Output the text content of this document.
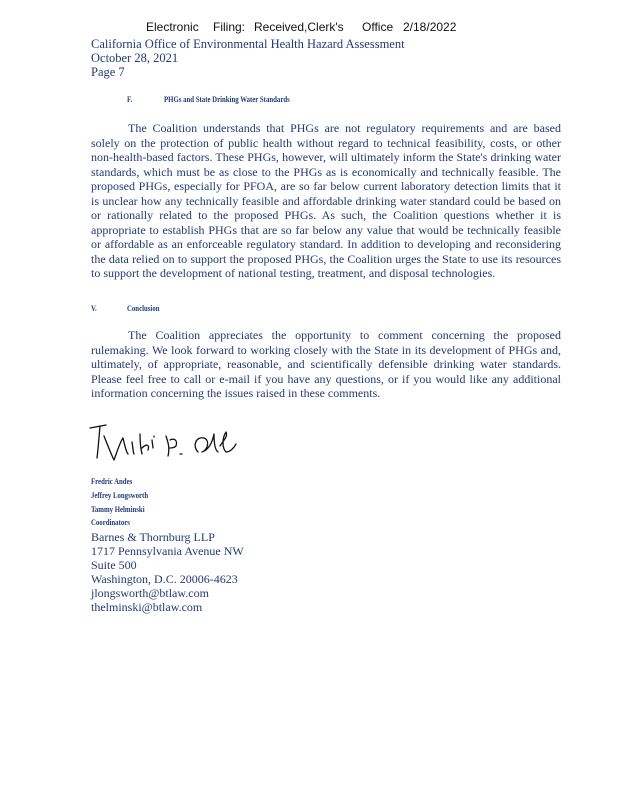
Electronic Filing: Received,Clerk's Office 2/18/2022
California Office of Environmental Health Hazard Assessment
October 28, 2021
Page 7
F.	PHGs and State Drinking Water Standards

The Coalition understands that PHGs are not regulatory requirements and are based solely on the protection of public health without regard to technical feasibility, costs, or other non-health-based factors. These PHGs, however, will ultimately inform the State's drinking water standards, which must be as close to the PHGs as is economically and technically feasible. The proposed PHGs, especially for PFOA, are so far below current laboratory detection limits that it is unclear how any technically feasible and affordable drinking water standard could be based on or rationally related to the proposed PHGs. As such, the Coalition questions whether it is appropriate to establish PHGs that are so far below any value that would be technically feasible or affordable as an enforceable regulatory standard. In addition to developing and reconsidering the data relied on to support the proposed PHGs, the Coalition urges the State to use its resources to support the development of national testing, treatment, and disposal technologies.

V.	Conclusion

The Coalition appreciates the opportunity to comment concerning the proposed rulemaking. We look forward to working closely with the State in its development of PHGs and, ultimately, of appropriate, reasonable, and scientifically defensible drinking water standards. Please feel free to call or e-mail if you have any questions, or if you would like any additional information concerning the issues raised in these comments.

Fredric Andes
Jeffrey Longsworth
Tammy Helminski
Coordinators
Barnes & Thornburg LLP
1717 Pennsylvania Avenue NW
Suite 500
Washington, D.C. 20006-4623
jlongsworth@btlaw.com
thelminski@btlaw.com
